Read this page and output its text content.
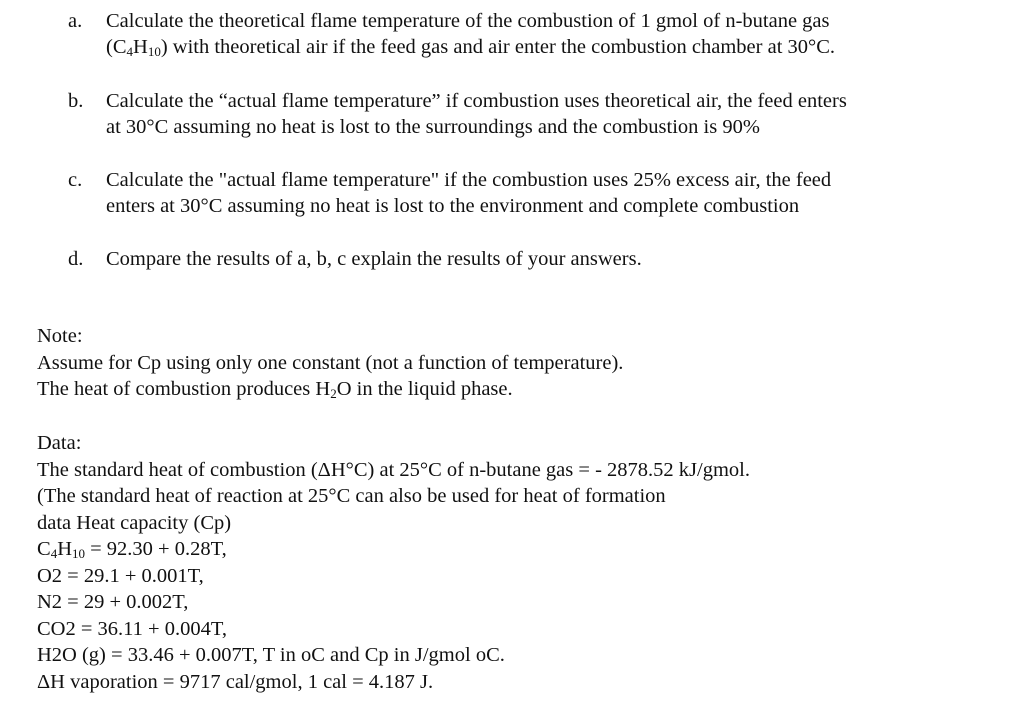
a.	Calculate the theoretical flame temperature of the combustion of 1 gmol of n-butane gas
$(C_4H_{10})$ with theoretical air if the feed gas and air enter the combustion chamber at 30°C.
b.	Calculate the “actual flame temperature” if combustion uses theoretical air, the feed enters
at 30°C assuming no heat is lost to the surroundings and the combustion is 90%
c.	Calculate the "actual flame temperature" if the combustion uses 25% excess air, the feed
enters at 30°C assuming no heat is lost to the environment and complete combustion
d.	Compare the results of a, b, c explain the results of your answers.
Note:
Assume for Cp using only one constant (not a function of temperature).
The heat of combustion produces $H_2O$ in the liquid phase.
Data:
The standard heat of combustion (ΔH°C) at 25°C of n-butane gas = - 2878.52 kJ/gmol.
(The standard heat of reaction at 25°C can also be used for heat of formation
data Heat capacity (Cp)
$C_4H_{10} = 92.30 + 0.28T$,
O2 = 29.1 + 0.001T,
N2 = 29 + 0.002T,
CO2 = 36.11 + 0.004T,
H2O (g) = 33.46 + 0.007T, T in oC and Cp in J/gmol oC.
ΔH vaporation = 9717 cal/gmol, 1 cal = 4.187 J.
